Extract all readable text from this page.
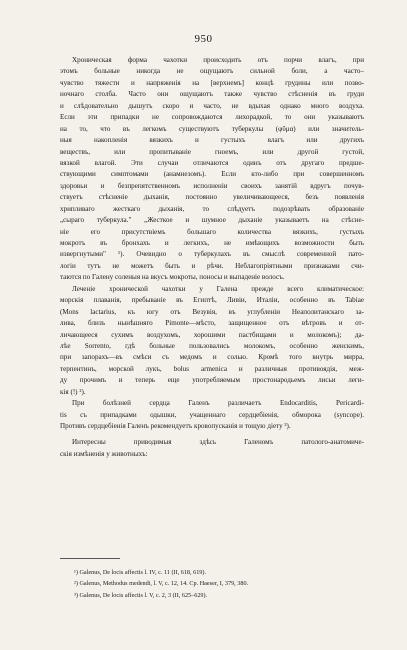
950
Хроническая форма чахотки происходить отъ порчи влагъ, при
этомъ больные никогда не ощущаютъ сильной боли, а часто–
чувство тяжести и напряженія на [верхнемъ] концѣ грудины или позво-
ночнаго столба. Часто они ощущаютъ также чувство стѣсненія въ груди
и слѣдовательно дышутъ скоро и часто, не вдыхая однако много воздуха.
Если эти припадки не сопровождаются лихорадкой, то они указываютъ
на то, что въ легкомъ существуютъ туберкулы (φῦμα) или значитель-
ныя накопленія вязкихъ и густыхъ влагъ или другихъ
веществъ, или пропитываніе гноемъ, или другой густой,
вязкой влагой. Эти случаи отличаются одинъ отъ другаго предше-
ствующими симптомами (анамнезомъ). Если кто-либо при совершенномъ
здоровьи и безпрепятственномъ исполненіи своихъ занятій вдругъ почув-
ствуетъ стѣсненіе дыханія, постоянно увеличивающееся, безъ появленія
хрипливаго жесткаго дыханія, то слѣдуетъ подозрѣвать образованіе
„сыраго туберкула." „Жесткое и шумное дыханіе указываетъ на стѣсне-
ніе его присутствіемъ большаго количества вязкихъ, густыхъ
мокротъ въ бронхахъ и легкихъ, не имѣющихъ возможности быть
извергнутыми" ¹). Очевидно о туберкулахъ въ смыслѣ современной пато-
логіи тутъ не можетъ быть и рѣчи. Неблагопріятными признаками счи-
таются по Галену соленыя на вкусъ мокроты, поносы и выпаденіе волосъ.
Леченіе хронической чахотки у Галена прежде всего климатическое:
морскія плаванія, пребываніе въ Египтѣ, Ливіи, Италіи, особенно въ Tabiae
(Mons lactarius, къ югу отъ Везувія, въ углубленіи Неаполитанскаго за-
лива, близъ нынѣшняго Pimonte—мѣсто, защищенное отъ вѣтровъ и от-
личающееся сухимъ воздухомъ, хорошими пастбищами и молокомъ); да-
лѣе Sorrento, гдѣ больные пользовались молокомъ, особенно женскимъ,
при запорахъ—въ смѣси съ медомъ и солью. Кромѣ того внутрь мирра,
терпентинъ, морской лукъ, bolus armenica и различныя противоядія, меж-
ду прочимъ и теперь еще употребляемым простонародьемъ лисьи леги-
кія (!) ²).
При болѣзней сердца Галенъ различаетъ Endocarditis, Pericardi-
tis съ припадками одышки, учащеннаго сердцебіенія, обморока (syncope).
Противъ сердцебіенія Галенъ рекомендуетъ кровопусканія и тощую діету ³).
Интересны приводимыя здѣсь Галеномъ патолого-анатомиче-
скія измѣненія у животныхъ:
¹) Galenus, De locis affectis l. IV, c. 11 (II, 618, 619).
²) Galenus, Methodus medendi, l. V, c. 12, 14. Ср. Haeser, I, 379, 380.
³) Galenus, De locis affectis l. V, c. 2, 3 (II, 625–629).
